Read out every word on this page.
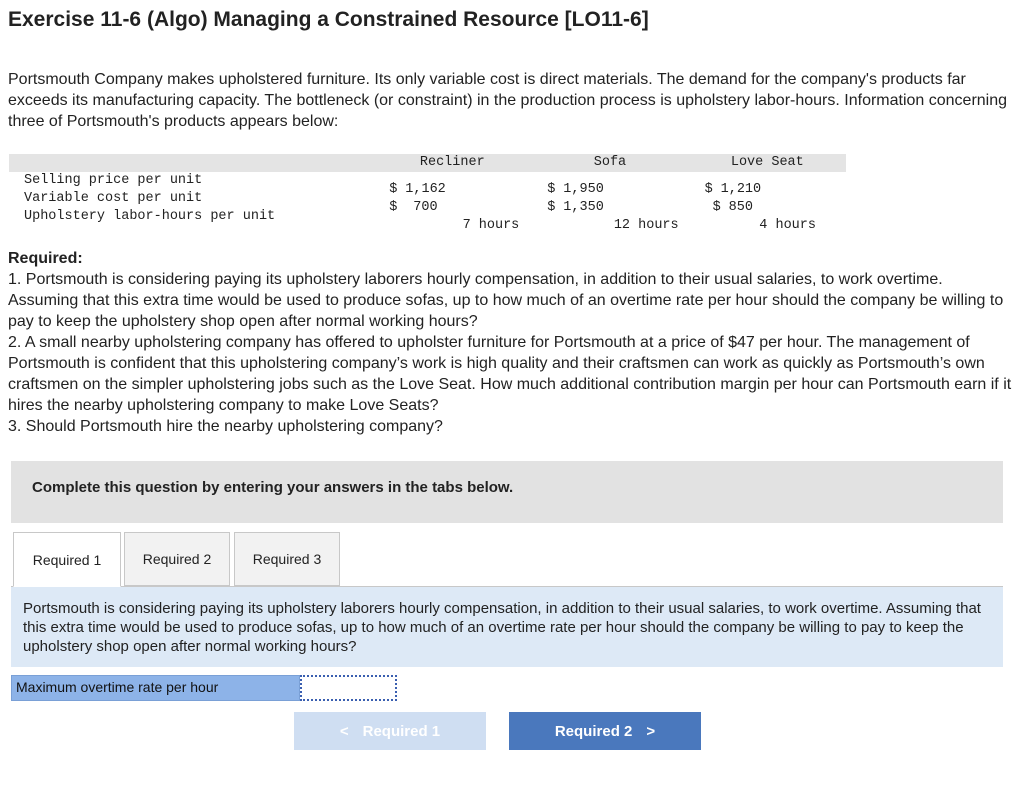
Exercise 11-6 (Algo) Managing a Constrained Resource [LO11-6]

Portsmouth Company makes upholstered furniture. Its only variable cost is direct materials. The demand for the company's products far exceeds its manufacturing capacity. The bottleneck (or constraint) in the production process is upholstery labor-hours. Information concerning three of Portsmouth's products appears below:

	Recliner	Sofa	Love Seat
Selling price per unit	$ 1,162	$ 1,950	$ 1,210

Variable cost per unit	$ 700	$ 1,350	$ 850

Upholstery labor-hours per unit	7 hours	12 hours	4 hours
Required:
1. Portsmouth is considering paying its upholstery laborers hourly compensation, in addition to their usual salaries, to work overtime. Assuming that this extra time would be used to produce sofas, up to how much of an overtime rate per hour should the company be willing to pay to keep the upholstery shop open after normal working hours?
2. A small nearby upholstering company has offered to upholster furniture for Portsmouth at a price of $47 per hour. The management of Portsmouth is confident that this upholstering company’s work is high quality and their craftsmen can work as quickly as Portsmouth’s own craftsmen on the simpler upholstering jobs such as the Love Seat. How much additional contribution margin per hour can Portsmouth earn if it hires the nearby upholstering company to make Love Seats?
3. Should Portsmouth hire the nearby upholstering company?
Complete this question by entering your answers in the tabs below.
Required 1	Required 2	Required 3
Portsmouth is considering paying its upholstery laborers hourly compensation, in addition to their usual salaries, to work overtime. Assuming that this extra time would be used to produce sofas, up to how much of an overtime rate per hour should the company be willing to pay to keep the upholstery shop open after normal working hours?
Maximum overtime rate per hour
< Required 1	Required 2 >
